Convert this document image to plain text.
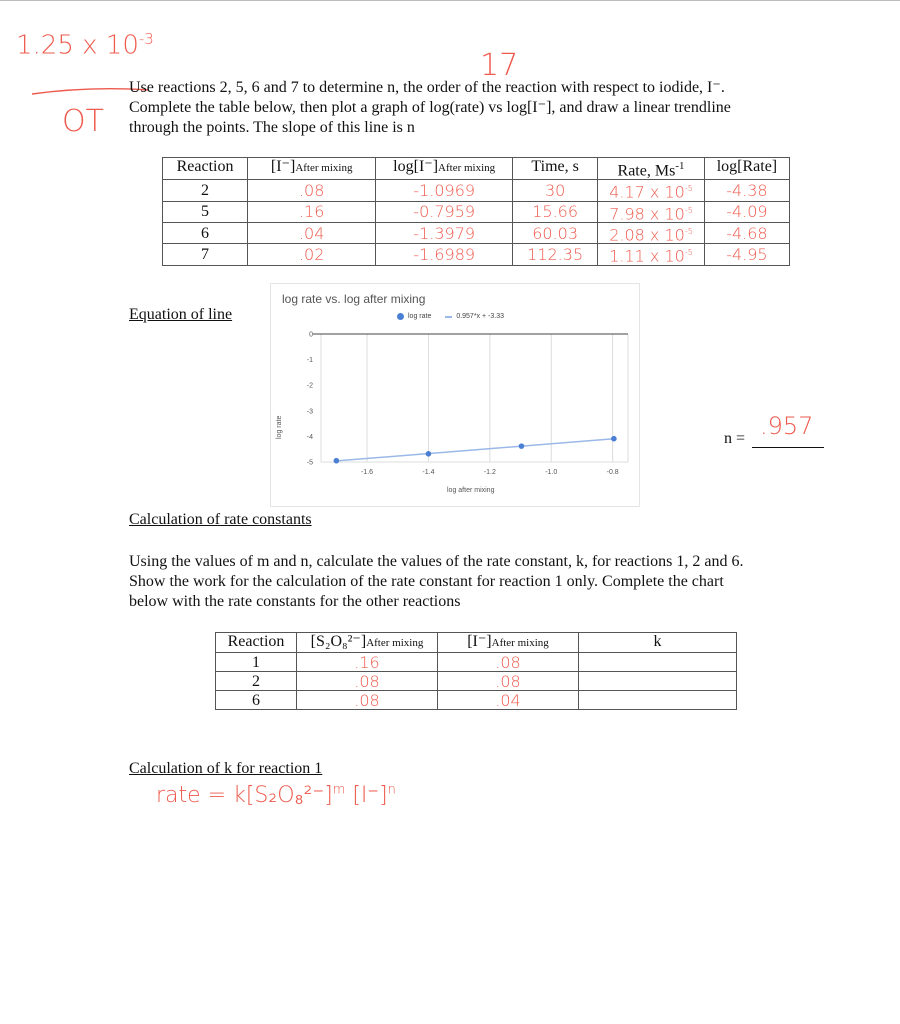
1.25 x $10^{-3}$
17
OT
Use reactions 2, 5, 6 and 7 to determine n, the order of the reaction with respect to iodide, I⁻.
Complete the table below, then plot a graph of log(rate) vs log[I⁻], and draw a linear trendline
through the points. The slope of this line is n
Reaction	[I⁻]After mixing	log[I⁻]After mixing	Time, s	Rate, $Ms^{-1}$	log[Rate]
2	.08	-1.0969	30	4.17 x $10^{-5}$	-4.38
5	.16	-0.7959	15.66	7.98 x $10^{-5}$	-4.09
6	.04	-1.3979	60.03	2.08 x $10^{-5}$	-4.68
7	.02	-1.6989	112.35	1.11 x $10^{-5}$	-4.95
Equation of line
log rate vs. log after mixing
log rate	0.957*x + -3.33
-1.6	-1.4	-1.2	-1.0	-0.8
0
-1
-2
-3
-4
-5
log rate
log after mixing
n = .957
Calculation of rate constants
Using the values of m and n, calculate the values of the rate constant, k, for reactions 1, 2 and 6.
Show the work for the calculation of the rate constant for reaction 1 only. Complete the chart
below with the rate constants for the other reactions
Reaction	[S₂O₈²⁻]After mixing	[I⁻]After mixing	k
1	.16	.08	
2	.08	.08	
6	.08	.04	
Calculation of k for reaction 1
rate = $k[S_2O_8^{2-}]^m$ $[I^-]^n$
